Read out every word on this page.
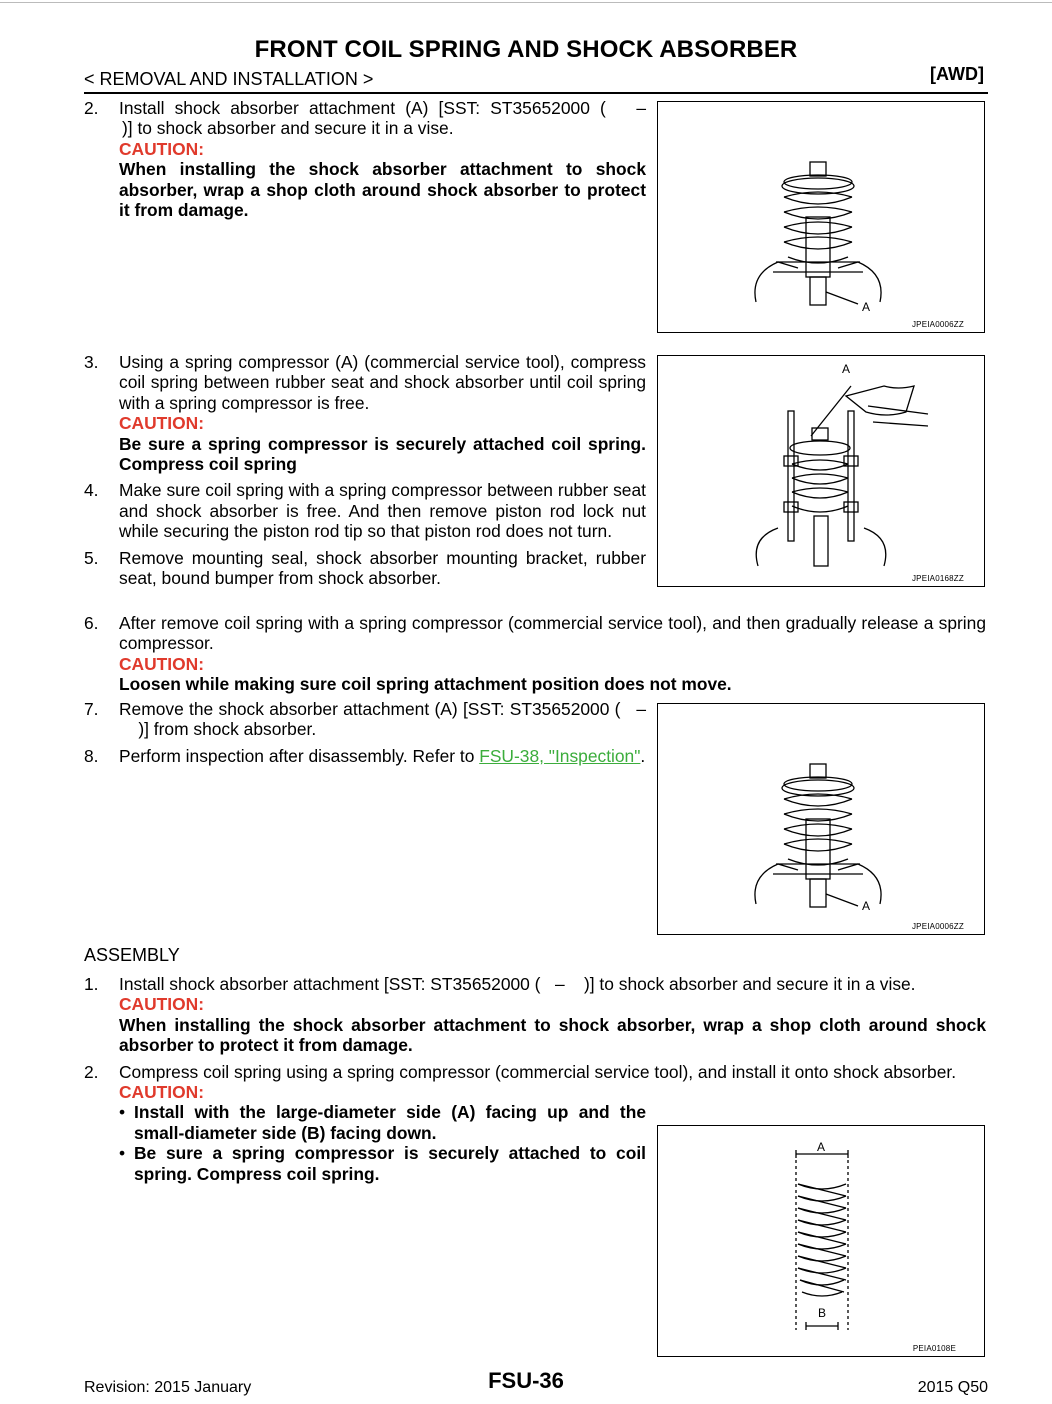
FRONT COIL SPRING AND SHOCK ABSORBER
< REMOVAL AND INSTALLATION >	[AWD]
2. Install shock absorber attachment (A) [SST: ST35652000 (   –
)] to shock absorber and secure it in a vise.
CAUTION:
When installing the shock absorber attachment to shock absorber, wrap a shop cloth around shock absorber to protect it from damage.
3. Using a spring compressor (A) (commercial service tool), compress coil spring between rubber seat and shock absorber until coil spring with a spring compressor is free.
CAUTION:
Be sure a spring compressor is securely attached coil spring. Compress coil spring
4. Make sure coil spring with a spring compressor between rubber seat and shock absorber is free. And then remove piston rod lock nut while securing the piston rod tip so that piston rod does not turn.
5. Remove mounting seal, shock absorber mounting bracket, rubber seat, bound bumper from shock absorber.
6. After remove coil spring with a spring compressor (commercial service tool), and then gradually release a spring compressor.
CAUTION:
Loosen while making sure coil spring attachment position does not move.
7. Remove the shock absorber attachment (A) [SST: ST35652000 (   –    )] from shock absorber.
8. Perform inspection after disassembly. Refer to FSU-38, "Inspection".
ASSEMBLY
1. Install shock absorber attachment [SST: ST35652000 (   –    )] to shock absorber and secure it in a vise.
CAUTION:
When installing the shock absorber attachment to shock absorber, wrap a shop cloth around shock absorber to protect it from damage.
2. Compress coil spring using a spring compressor (commercial service tool), and install it onto shock absorber.
CAUTION:
• Install with the large-diameter side (A) facing up and the small-diameter side (B) facing down.
• Be sure a spring compressor is securely attached to coil spring. Compress coil spring.
A
JPEIA0006ZZ
A
JPEIA0168ZZ
A
JPEIA0006ZZ
A
B
PEIA0108E
Revision: 2015 January	FSU-36	2015 Q50
